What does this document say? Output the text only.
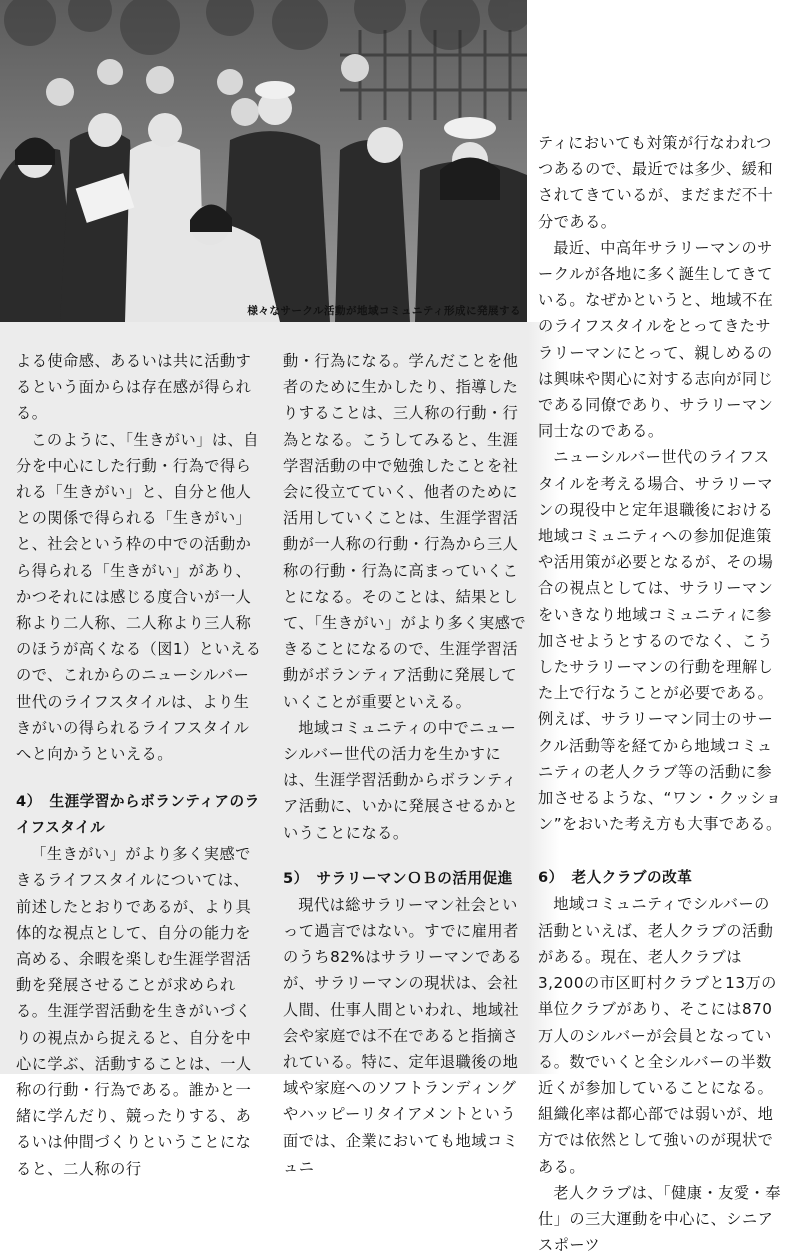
様々なサークル活動が地域コミュニティ形成に発展する

よる使命感、あるいは共に活動するという面からは存在感が得られる。

このように、「生きがい」は、自分を中心にした行動・行為で得られる「生きがい」と、自分と他人との関係で得られる「生きがい」と、社会という枠の中での活動から得られる「生きがい」があり、かつそれには感じる度合いが一人称より二人称、二人称より三人称のほうが高くなる（図1）といえるので、これからのニューシルバー世代のライフスタイルは、より生きがいの得られるライフスタイルへと向かうといえる。

4）　生涯学習からボランティアのライフスタイル

「生きがい」がより多く実感できるライフスタイルについては、前述したとおりであるが、より具体的な視点として、自分の能力を高める、余暇を楽しむ生涯学習活動を発展させることが求められる。生涯学習活動を生きがいづくりの視点から捉えると、自分を中心に学ぶ、活動することは、一人称の行動・行為である。誰かと一緒に学んだり、競ったりする、あるいは仲間づくりということになると、二人称の行

動・行為になる。学んだことを他者のために生かしたり、指導したりすることは、三人称の行動・行為となる。こうしてみると、生涯学習活動の中で勉強したことを社会に役立てていく、他者のために活用していくことは、生涯学習活動が一人称の行動・行為から三人称の行動・行為に高まっていくことになる。そのことは、結果として、「生きがい」がより多く実感できることになるので、生涯学習活動がボランティア活動に発展していくことが重要といえる。

地域コミュニティの中でニューシルバー世代の活力を生かすには、生涯学習活動からボランティア活動に、いかに発展させるかということになる。

5）　サラリーマンＯＢの活用促進

現代は総サラリーマン社会といって過言ではない。すでに雇用者のうち82%はサラリーマンであるが、サラリーマンの現状は、会社人間、仕事人間といわれ、地域社会や家庭では不在であると指摘されている。特に、定年退職後の地域や家庭へのソフトランディングやハッピーリタイアメントという面では、企業においても地域コミュニ

ティにおいても対策が行なわれつつあるので、最近では多少、緩和されてきているが、まだまだ不十分である。

最近、中高年サラリーマンのサークルが各地に多く誕生してきている。なぜかというと、地域不在のライフスタイルをとってきたサラリーマンにとって、親しめるのは興味や関心に対する志向が同じである同僚であり、サラリーマン同士なのである。

ニューシルバー世代のライフスタイルを考える場合、サラリーマンの現役中と定年退職後における地域コミュニティへの参加促進策や活用策が必要となるが、その場合の視点としては、サラリーマンをいきなり地域コミュニティに参加させようとするのでなく、こうしたサラリーマンの行動を理解した上で行なうことが必要である。例えば、サラリーマン同士のサークル活動等を経てから地域コミュニティの老人クラブ等の活動に参加させるような、“ワン・クッション”をおいた考え方も大事である。

6）　老人クラブの改革

地域コミュニティでシルバーの活動といえば、老人クラブの活動がある。現在、老人クラブは3,200の市区町村クラブと13万の単位クラブがあり、そこには870万人のシルバーが会員となっている。数でいくと全シルバーの半数近くが参加していることになる。組織化率は都心部では弱いが、地方では依然として強いのが現状である。

老人クラブは、「健康・友愛・奉仕」の三大運動を中心に、シニアスポーツ
